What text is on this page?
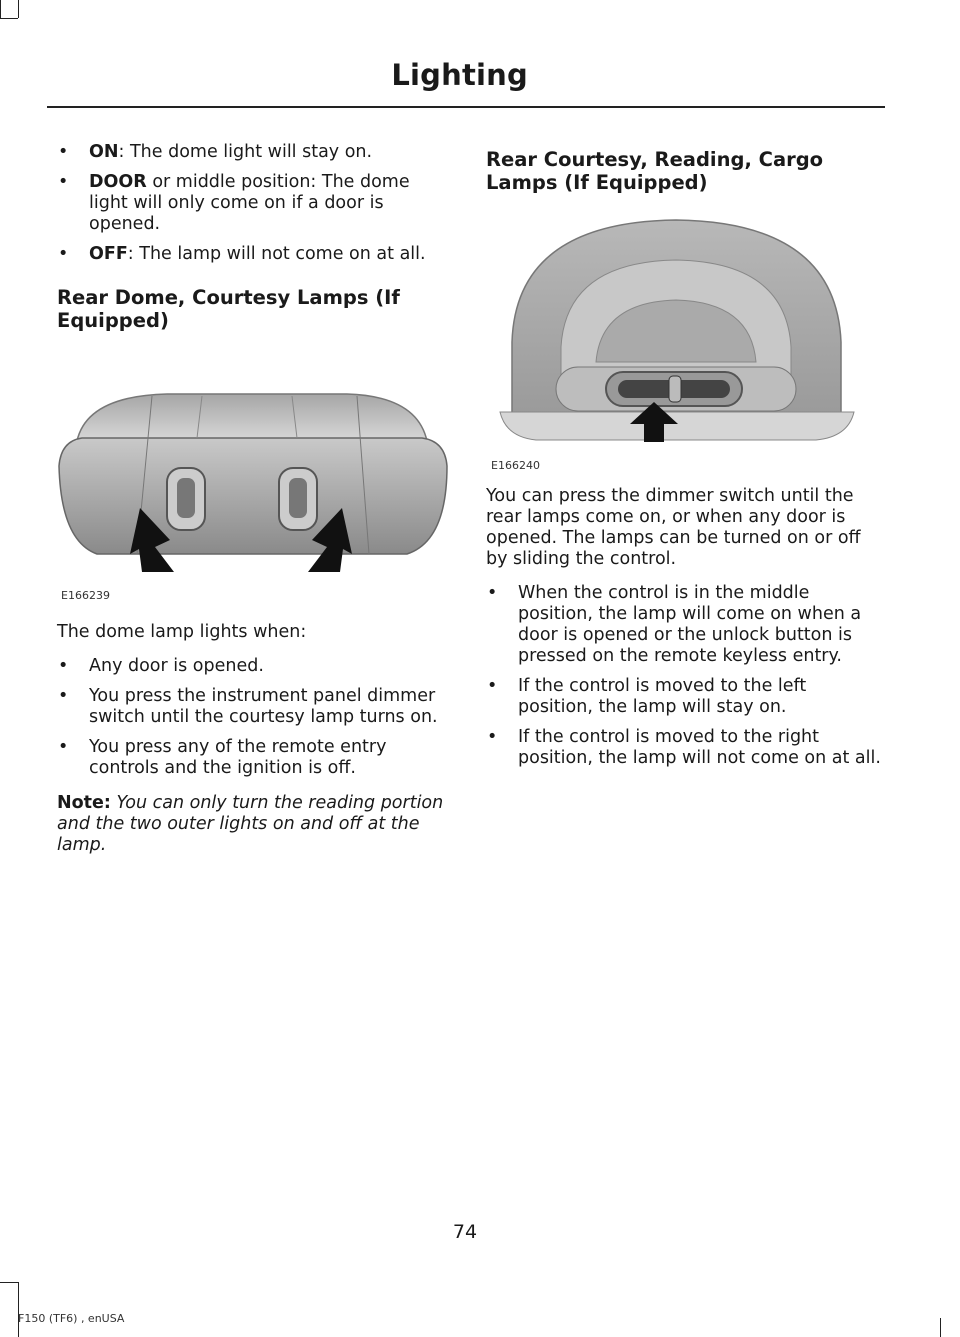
Lighting
• ON: The dome light will stay on.
• DOOR or middle position: The dome light will only come on if a door is opened.
• OFF: The lamp will not come on at all.
Rear Dome, Courtesy Lamps (If Equipped)
E166239

The dome lamp lights when:

• Any door is opened.
• You press the instrument panel dimmer switch until the courtesy lamp turns on.
• You press any of the remote entry controls and the ignition is off.

Note: You can only turn the reading portion and the two outer lights on and off at the lamp.

Rear Courtesy, Reading, Cargo Lamps (If Equipped)
E166240

You can press the dimmer switch until the rear lamps come on, or when any door is opened. The lamps can be turned on or off by sliding the control.

• When the control is in the middle position, the lamp will come on when a door is opened or the unlock button is pressed on the remote keyless entry.
• If the control is moved to the left position, the lamp will stay on.
• If the control is moved to the right position, the lamp will not come on at all.
74
F150 (TF6) , enUSA
